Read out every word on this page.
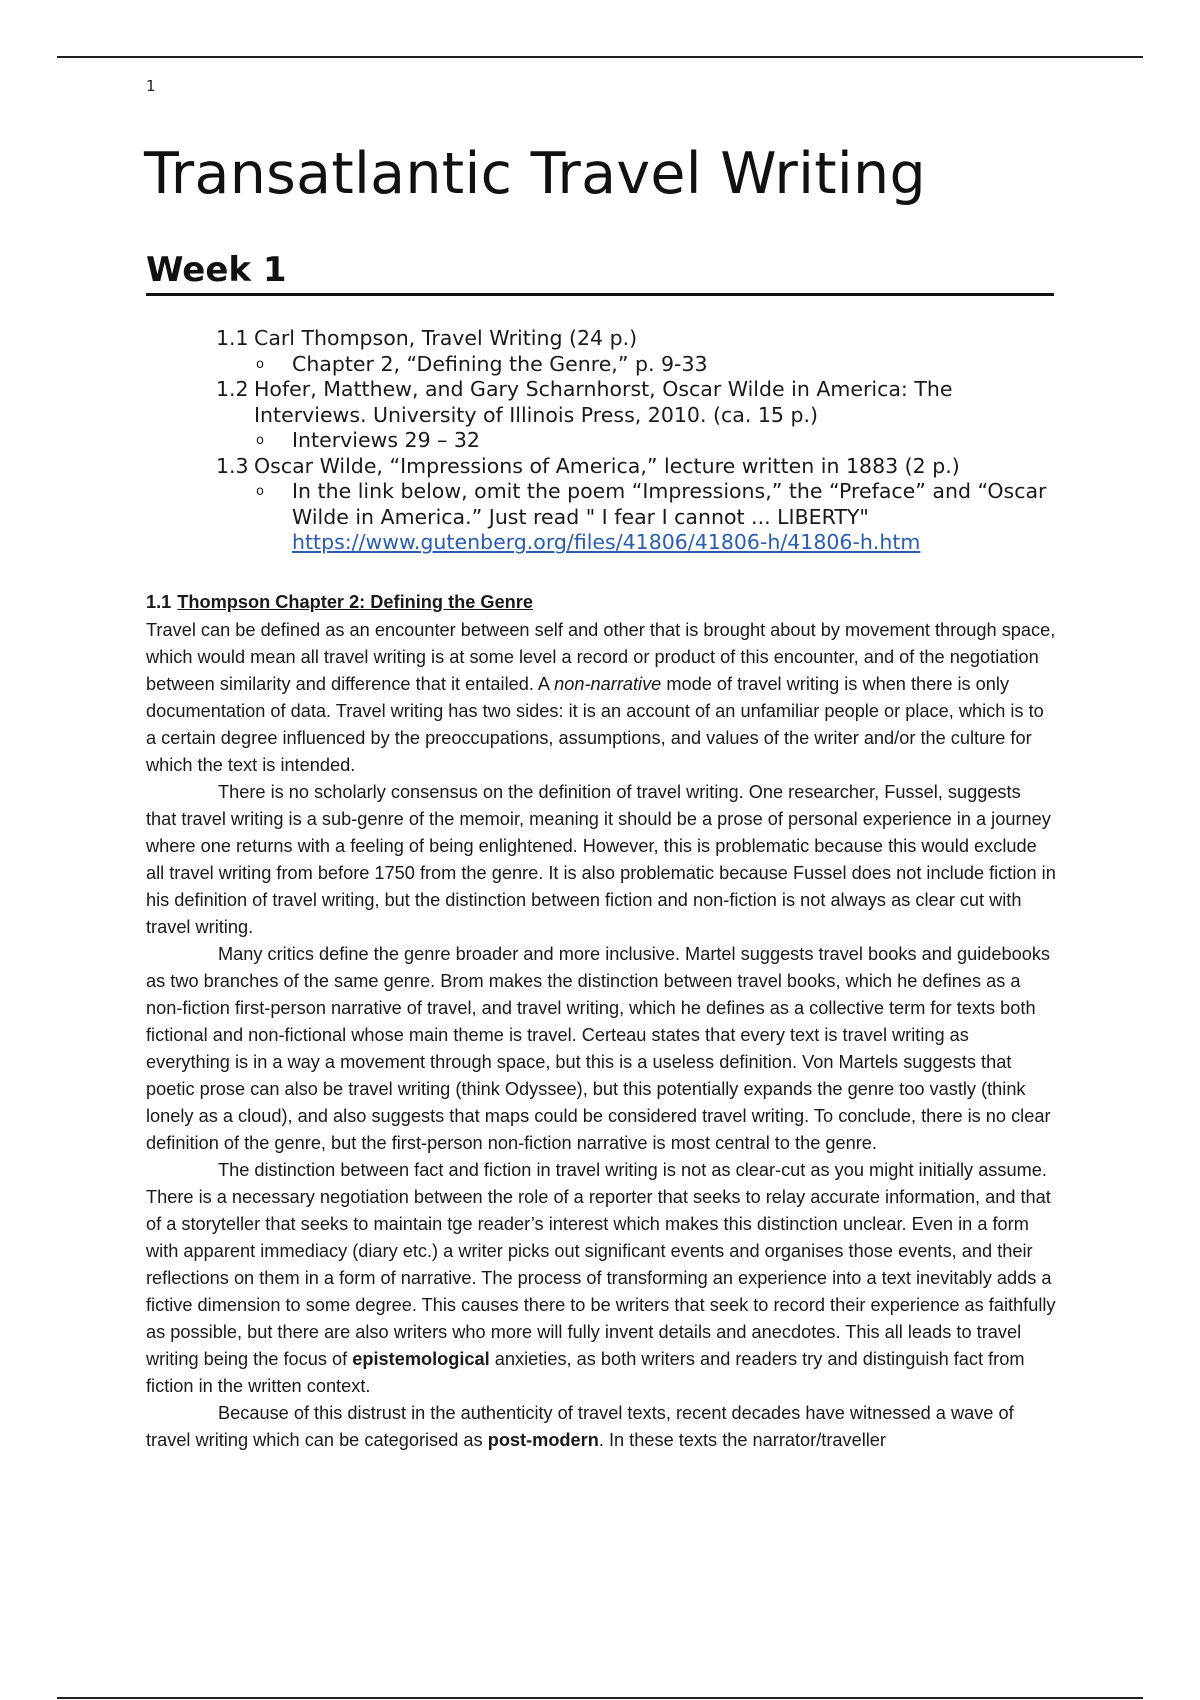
1
Transatlantic Travel Writing
Week 1
1.1 Carl Thompson, Travel Writing (24 p.)
o	Chapter 2, “Defining the Genre,” p. 9-33
1.2 Hofer, Matthew, and Gary Scharnhorst, Oscar Wilde in America: The Interviews. University of Illinois Press, 2010. (ca. 15 p.)
o	Interviews 29 – 32
1.3 Oscar Wilde, “Impressions of America,” lecture written in 1883 (2 p.)
o	In the link below, omit the poem “Impressions,” the “Preface” and “Oscar Wilde in America.” Just read " I fear I cannot ... LIBERTY"
https://www.gutenberg.org/files/41806/41806-h/41806-h.htm

1.1 Thompson Chapter 2: Defining the Genre

Travel can be defined as an encounter between self and other that is brought about by movement through space, which would mean all travel writing is at some level a record or product of this encounter, and of the negotiation between similarity and difference that it entailed. A non-narrative mode of travel writing is when there is only documentation of data. Travel writing has two sides: it is an account of an unfamiliar people or place, which is to a certain degree influenced by the preoccupations, assumptions, and values of the writer and/or the culture for which the text is intended.

There is no scholarly consensus on the definition of travel writing. One researcher, Fussel, suggests that travel writing is a sub-genre of the memoir, meaning it should be a prose of personal experience in a journey where one returns with a feeling of being enlightened. However, this is problematic because this would exclude all travel writing from before 1750 from the genre. It is also problematic because Fussel does not include fiction in his definition of travel writing, but the distinction between fiction and non-fiction is not always as clear cut with travel writing.

Many critics define the genre broader and more inclusive. Martel suggests travel books and guidebooks as two branches of the same genre. Brom makes the distinction between travel books, which he defines as a non-fiction first-person narrative of travel, and travel writing, which he defines as a collective term for texts both fictional and non-fictional whose main theme is travel. Certeau states that every text is travel writing as everything is in a way a movement through space, but this is a useless definition. Von Martels suggests that poetic prose can also be travel writing (think Odyssee), but this potentially expands the genre too vastly (think lonely as a cloud), and also suggests that maps could be considered travel writing. To conclude, there is no clear definition of the genre, but the first-person non-fiction narrative is most central to the genre.

The distinction between fact and fiction in travel writing is not as clear-cut as you might initially assume. There is a necessary negotiation between the role of a reporter that seeks to relay accurate information, and that of a storyteller that seeks to maintain tge reader’s interest which makes this distinction unclear. Even in a form with apparent immediacy (diary etc.) a writer picks out significant events and organises those events, and their reflections on them in a form of narrative. The process of transforming an experience into a text inevitably adds a fictive dimension to some degree. This causes there to be writers that seek to record their experience as faithfully as possible, but there are also writers who more will fully invent details and anecdotes. This all leads to travel writing being the focus of epistemological anxieties, as both writers and readers try and distinguish fact from fiction in the written context.

Because of this distrust in the authenticity of travel texts, recent decades have witnessed a wave of travel writing which can be categorised as post-modern. In these texts the narrator/traveller
